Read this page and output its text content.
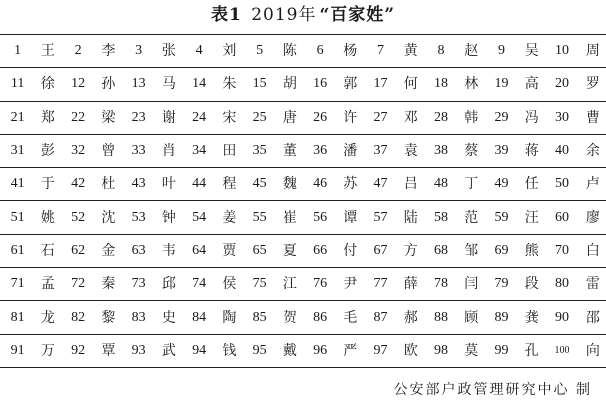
表1 2019年 “百家姓”
1	王	2	李	3	张	4	刘	5	陈	6	杨	7	黄	8	赵	9	吴	10	周
11	徐	12	孙	13	马	14	朱	15	胡	16	郭	17	何	18	林	19	高	20	罗
21	郑	22	梁	23	谢	24	宋	25	唐	26	许	27	邓	28	韩	29	冯	30	曹
31	彭	32	曾	33	肖	34	田	35	董	36	潘	37	袁	38	蔡	39	蒋	40	余
41	于	42	杜	43	叶	44	程	45	魏	46	苏	47	吕	48	丁	49	任	50	卢
51	姚	52	沈	53	钟	54	姜	55	崔	56	谭	57	陆	58	范	59	汪	60	廖
61	石	62	金	63	韦	64	贾	65	夏	66	付	67	方	68	邹	69	熊	70	白
71	孟	72	秦	73	邱	74	侯	75	江	76	尹	77	薛	78	闫	79	段	80	雷
81	龙	82	黎	83	史	84	陶	85	贺	86	毛	87	郝	88	顾	89	龚	90	邵
91	万	92	覃	93	武	94	钱	95	戴	96	严	97	欧	98	莫	99	孔	100	向
公安部户政管理研究中心 制
